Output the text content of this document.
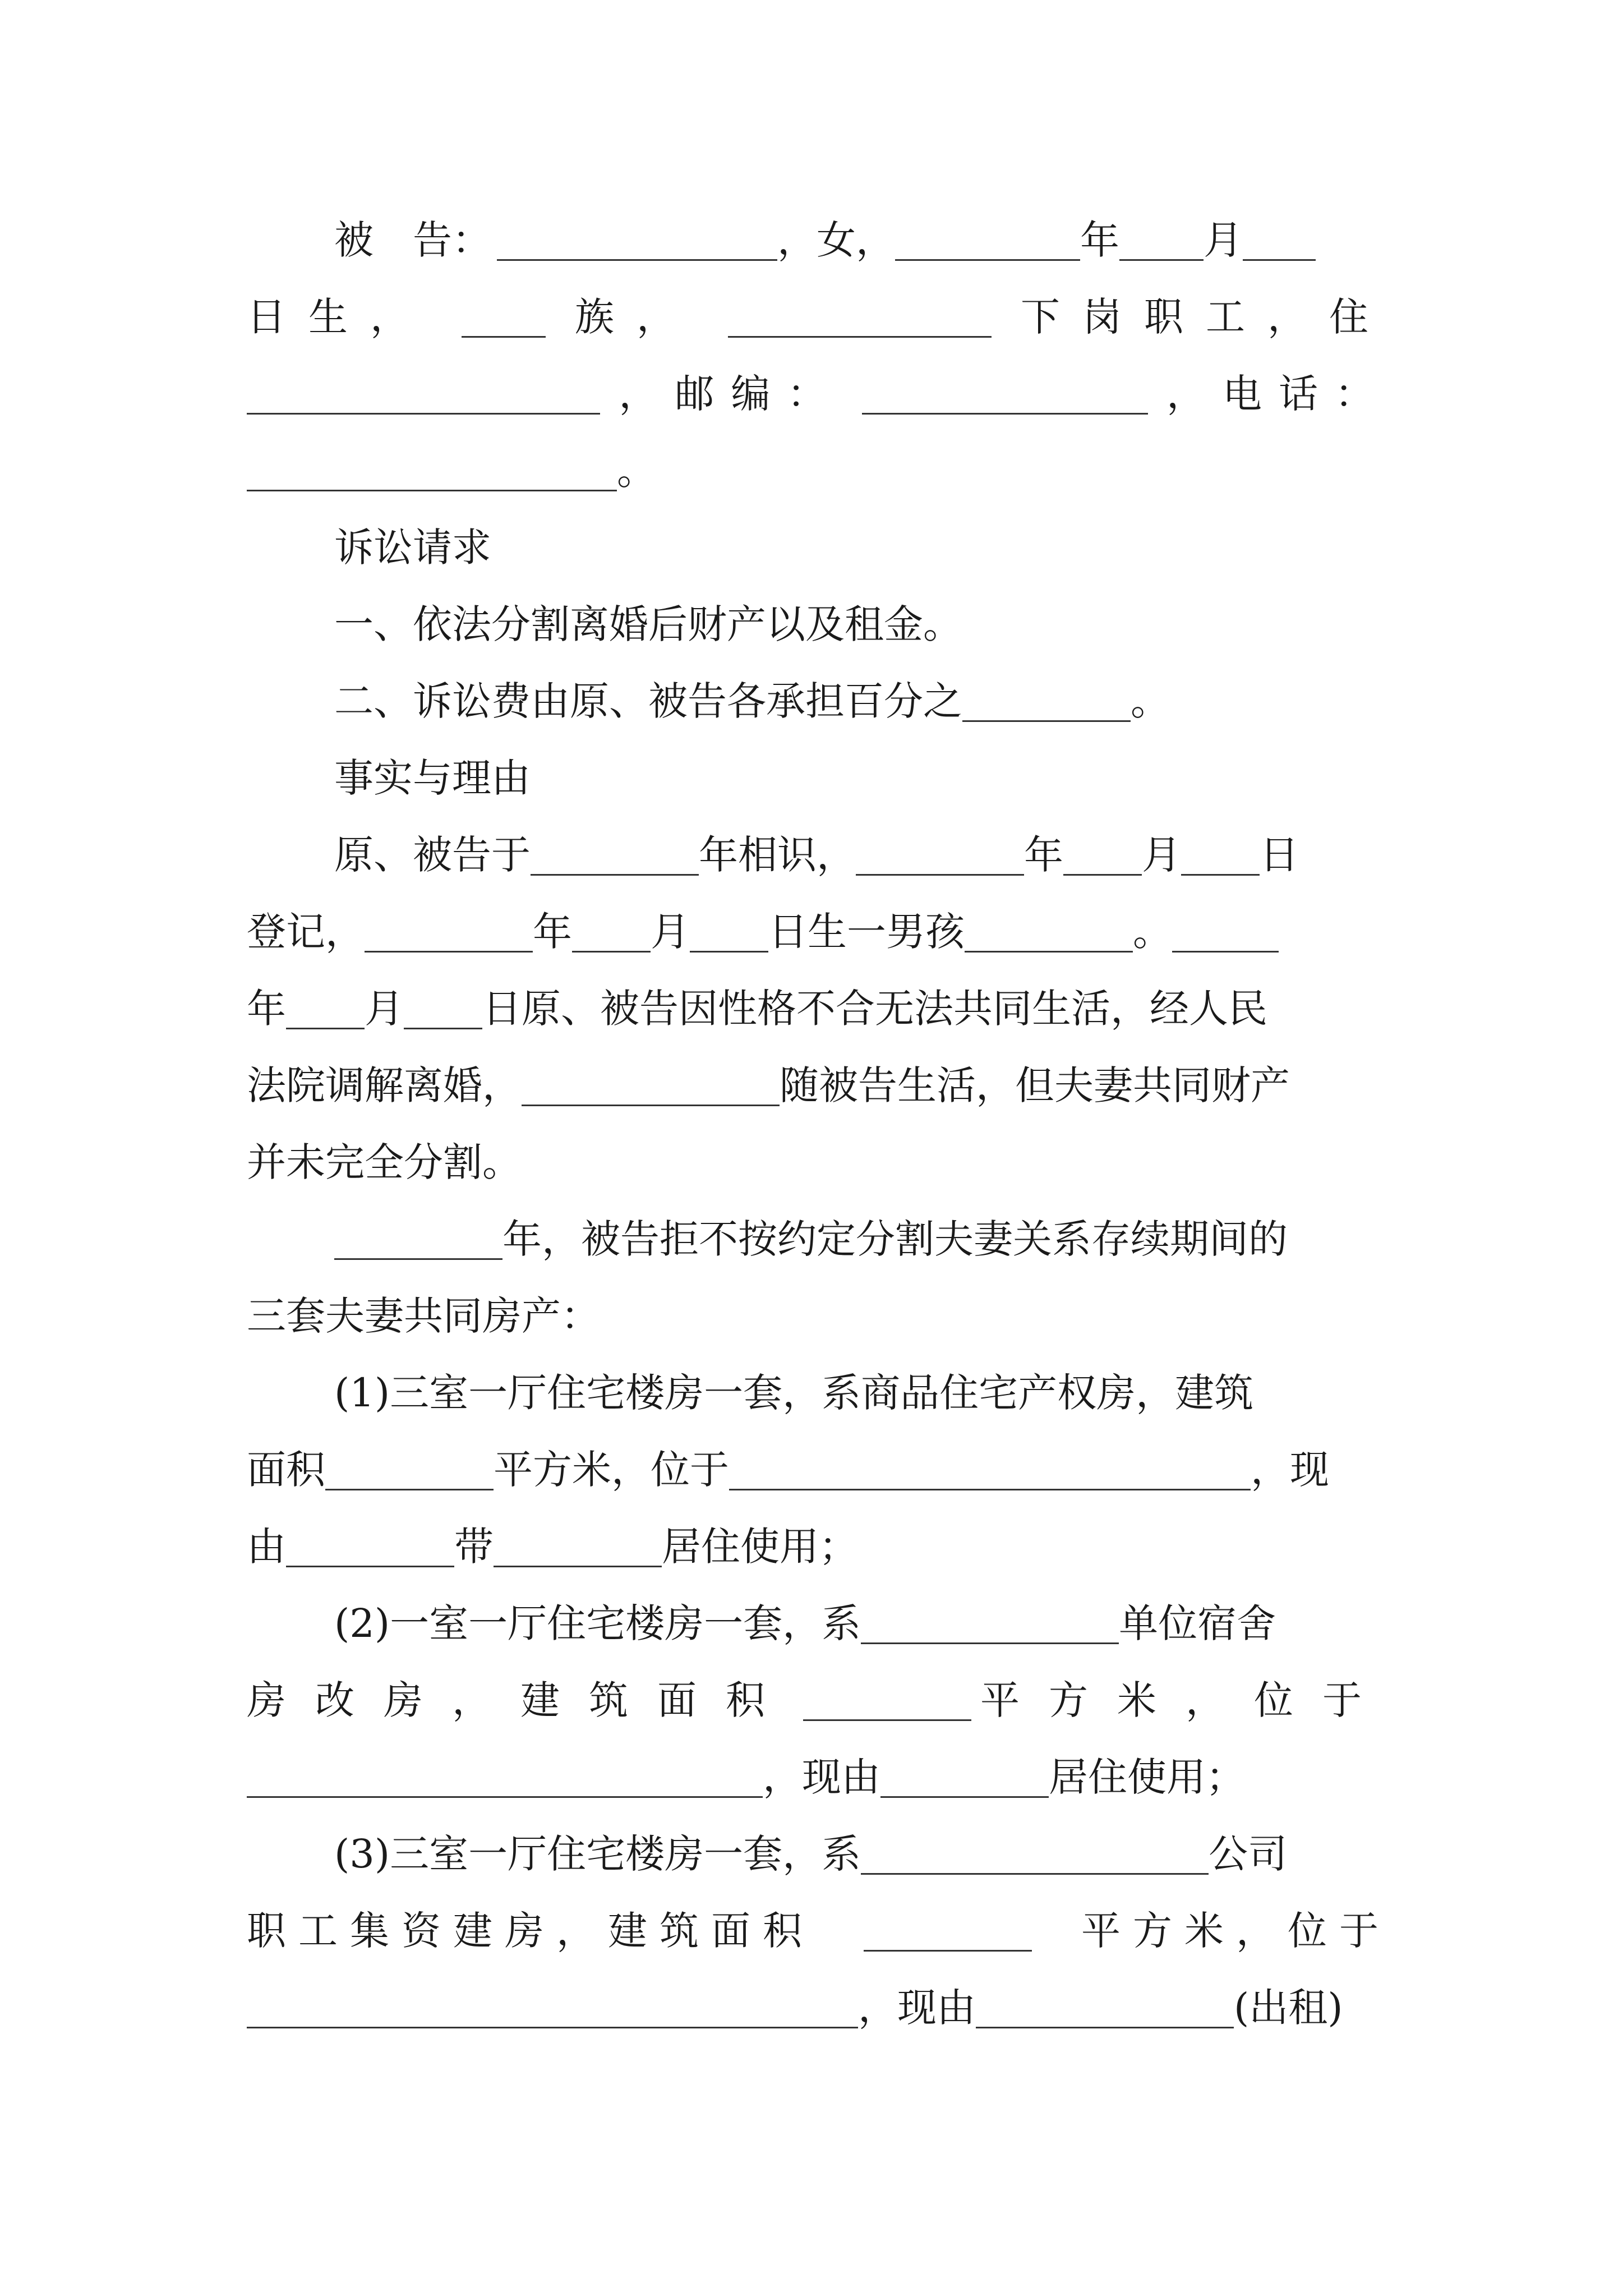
被　告：	，女，	年 月
日生，	族，	下岗职工，住
，邮编：	，电话：
。
诉讼请求
一、依法分割离婚后财产以及租金。
二、诉讼费由原、被告各承担百分之	。
事实与理由
原、被告于	年相识，	年 月 日
登记，	年 月 日生一男孩	。
年 月 日原、被告因性格不合无法共同生活，经人民
法院调解离婚，	随被告生活，但夫妻共同财产
并未完全分割。
年，被告拒不按约定分割夫妻关系存续期间的
三套夫妻共同房产：
(1)三室一厅住宅楼房一套，系商品住宅产权房，建筑
面积	平方米，位于	，现
由	带	居住使用；
(2)一室一厅住宅楼房一套，系	单位宿舍
房改房，建筑面积	平方米，位于
，现由	居住使用；
(3)三室一厅住宅楼房一套，系	公司
职工集资建房，建筑面积	平方米，位于
，现由	(出租)
